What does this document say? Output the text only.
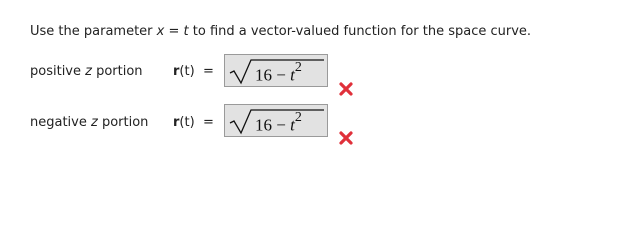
Use the parameter x = t to find a vector-valued function for the space curve.
positive z portion $r(t) = 16 - t^2$
negative z portion $r(t) = 16 - t^2$
